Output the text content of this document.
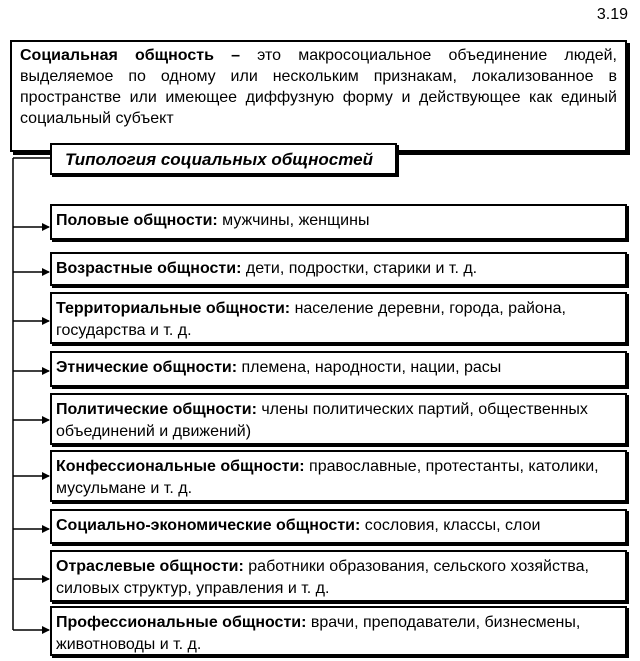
3.19
Социальная общность – это макросоциальное объединение людей, выделяемое по одному или нескольким признакам, локализованное в пространстве или имеющее диффузную форму и действующее как единый социальный субъект
Типология социальных общностей
Половые общности: мужчины, женщины
Возрастные общности: дети, подростки, старики и т. д.
Территориальные общности: население деревни, города, района, государства и т. д.
Этнические общности: племена, народности, нации, расы
Политические общности: члены политических партий, общественных объединений и движений)
Конфессиональные общности: православные, протестанты, католики, мусульмане и т. д.
Социально-экономические общности: сословия, классы, слои
Отраслевые общности: работники образования, сельского хозяйства, силовых структур, управления и т. д.
Профессиональные общности: врачи, преподаватели, бизнесмены, животноводы и т. д.
